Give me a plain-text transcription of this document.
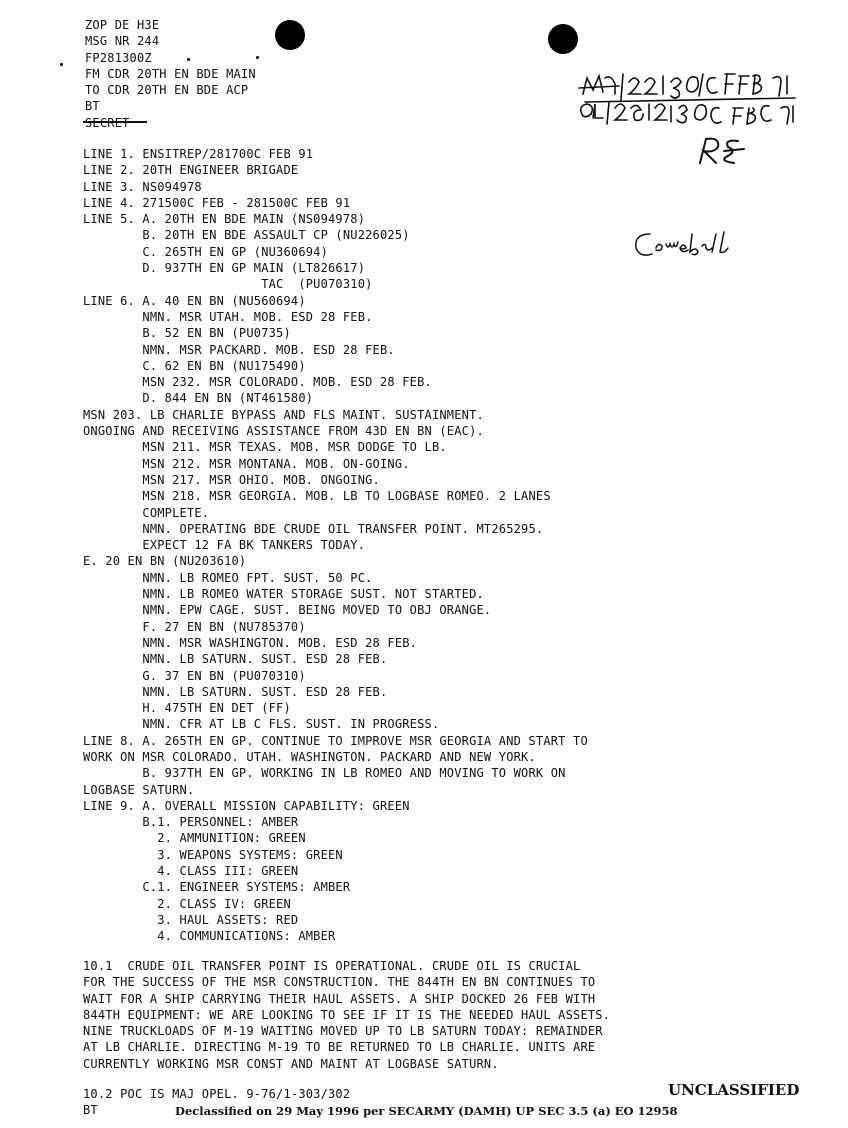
ZOP DE H3E
MSG NR 244
FP281300Z
FM CDR 20TH EN BDE MAIN
TO CDR 20TH EN BDE ACP
BT

LINE 1. ENSITREP/281700C FEB 91
LINE 2. 20TH ENGINEER BRIGADE
LINE 3. NS094978
LINE 4. 271500C FEB - 281500C FEB 91
LINE 5. A. 20TH EN BDE MAIN (NS094978)
B. 20TH EN BDE ASSAULT CP (NU226025)
C. 265TH EN GP (NU360694)
D. 937TH EN GP MAIN (LT826617)
TAC  (PU070310)
LINE 6. A. 40 EN BN (NU560694)
NMN. MSR UTAH. MOB. ESD 28 FEB.
B. 52 EN BN (PU0735)
NMN. MSR PACKARD. MOB. ESD 28 FEB.
C. 62 EN BN (NU175490)
MSN 232. MSR COLORADO. MOB. ESD 28 FEB.
D. 844 EN BN (NT461580)
MSN 203. LB CHARLIE BYPASS AND FLS MAINT. SUSTAINMENT.
ONGOING AND RECEIVING ASSISTANCE FROM 43D EN BN (EAC).
MSN 211. MSR TEXAS. MOB. MSR DODGE TO LB.
MSN 212. MSR MONTANA. MOB. ON-GOING.
MSN 217. MSR OHIO. MOB. ONGOING.
MSN 218. MSR GEORGIA. MOB. LB TO LOGBASE ROMEO. 2 LANES
COMPLETE.
NMN. OPERATING BDE CRUDE OIL TRANSFER POINT. MT265295.
EXPECT 12 FA BK TANKERS TODAY.
E. 20 EN BN (NU203610)
NMN. LB ROMEO FPT. SUST. 50 PC.
NMN. LB ROMEO WATER STORAGE SUST. NOT STARTED.
NMN. EPW CAGE. SUST. BEING MOVED TO OBJ ORANGE.
F. 27 EN BN (NU785370)
NMN. MSR WASHINGTON. MOB. ESD 28 FEB.
NMN. LB SATURN. SUST. ESD 28 FEB.
G. 37 EN BN (PU070310)
NMN. LB SATURN. SUST. ESD 28 FEB.
H. 475TH EN DET (FF)
NMN. CFR AT LB C FLS. SUST. IN PROGRESS.
LINE 8. A. 265TH EN GP. CONTINUE TO IMPROVE MSR GEORGIA AND START TO
WORK ON MSR COLORADO. UTAH. WASHINGTON. PACKARD AND NEW YORK.
B. 937TH EN GP. WORKING IN LB ROMEO AND MOVING TO WORK ON
LOGBASE SATURN.
LINE 9. A. OVERALL MISSION CAPABILITY: GREEN
B.1. PERSONNEL: AMBER
2. AMMUNITION: GREEN
3. WEAPONS SYSTEMS: GREEN
4. CLASS III: GREEN
C.1. ENGINEER SYSTEMS: AMBER
2. CLASS IV: GREEN
3. HAUL ASSETS: RED
4. COMMUNICATIONS: AMBER
10.1  CRUDE OIL TRANSFER POINT IS OPERATIONAL. CRUDE OIL IS CRUCIAL
FOR THE SUCCESS OF THE MSR CONSTRUCTION. THE 844TH EN BN CONTINUES TO
WAIT FOR A SHIP CARRYING THEIR HAUL ASSETS. A SHIP DOCKED 26 FEB WITH
844TH EQUIPMENT: WE ARE LOOKING TO SEE IF IT IS THE NEEDED HAUL ASSETS.
NINE TRUCKLOADS OF M-19 WAITING MOVED UP TO LB SATURN TODAY: REMAINDER
AT LB CHARLIE. DIRECTING M-19 TO BE RETURNED TO LB CHARLIE. UNITS ARE
CURRENTLY WORKING MSR CONST AND MAINT AT LOGBASE SATURN.
10.2 POC IS MAJ OPEL. 9-76/1-303/302
BT
UNCLASSIFIED
Declassified on 29 May 1996 per SECARMY (DAMH) UP SEC 3.5 (a) EO 12958
